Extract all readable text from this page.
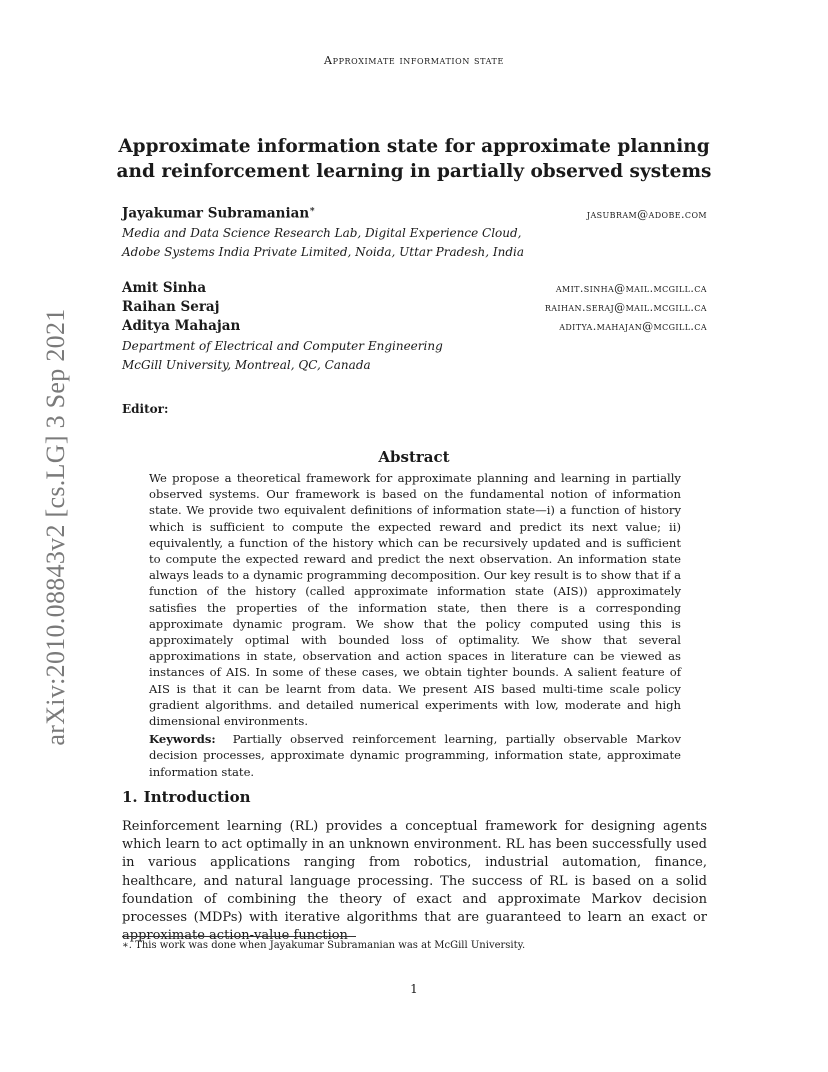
arXiv:2010.08843v2 [cs.LG] 3 Sep 2021
Approximate information state
Approximate information state for approximate planning
and reinforcement learning in partially observed systems
Jayakumar Subramanian∗	jasubram@adobe.com
Media and Data Science Research Lab, Digital Experience Cloud,
Adobe Systems India Private Limited, Noida, Uttar Pradesh, India
Amit Sinha	amit.sinha@mail.mcgill.ca
Raihan Seraj	raihan.seraj@mail.mcgill.ca
Aditya Mahajan	aditya.mahajan@mcgill.ca
Department of Electrical and Computer Engineering
McGill University, Montreal, QC, Canada
Editor:
Abstract

We propose a theoretical framework for approximate planning and learning in partially observed systems. Our framework is based on the fundamental notion of information state. We provide two equivalent definitions of information state—i) a function of history which is sufficient to compute the expected reward and predict its next value; ii) equivalently, a function of the history which can be recursively updated and is sufficient to compute the expected reward and predict the next observation. An information state always leads to a dynamic programming decomposition. Our key result is to show that if a function of the history (called approximate information state (AIS)) approximately satisfies the properties of the information state, then there is a corresponding approximate dynamic program. We show that the policy computed using this is approximately optimal with bounded loss of optimality. We show that several approximations in state, observation and action spaces in literature can be viewed as instances of AIS. In some of these cases, we obtain tighter bounds. A salient feature of AIS is that it can be learnt from data. We present AIS based multi-time scale policy gradient algorithms. and detailed numerical experiments with low, moderate and high dimensional environments.

Keywords: Partially observed reinforcement learning, partially observable Markov decision processes, approximate dynamic programming, information state, approximate information state.

1. Introduction

Reinforcement learning (RL) provides a conceptual framework for designing agents which learn to act optimally in an unknown environment. RL has been successfully used in various applications ranging from robotics, industrial automation, finance, healthcare, and natural language processing. The success of RL is based on a solid foundation of combining the theory of exact and approximate Markov decision processes (MDPs) with iterative algorithms that are guaranteed to learn an exact or approximate action-value function

∗. This work was done when Jayakumar Subramanian was at McGill University.
1
